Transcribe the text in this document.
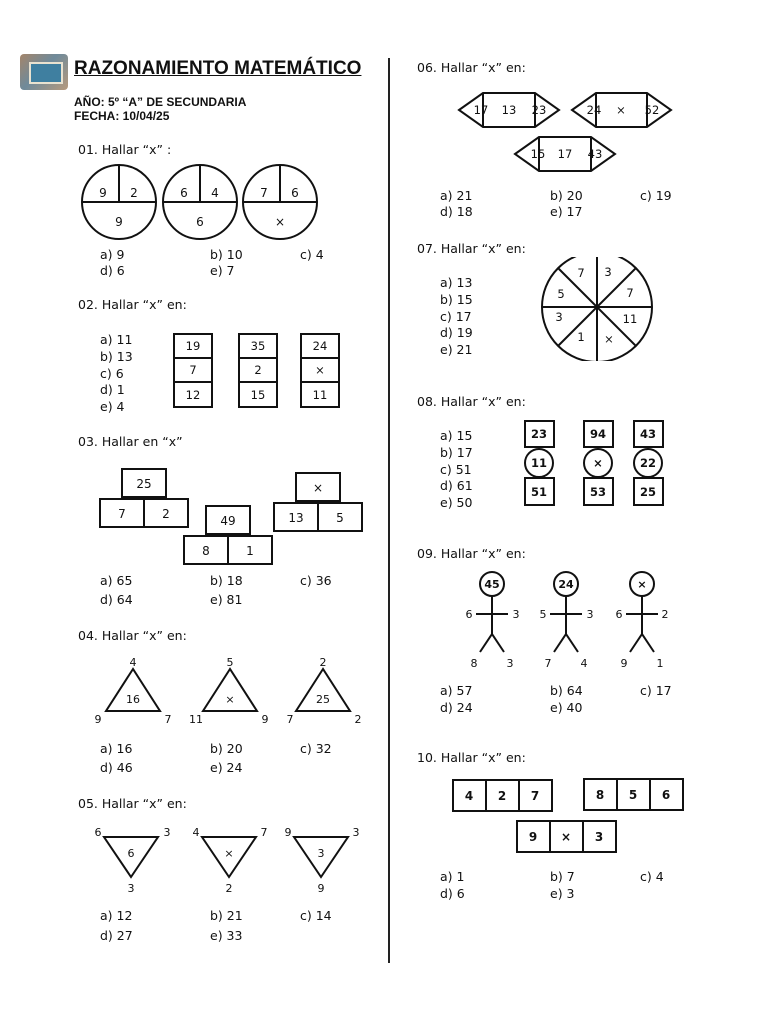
RAZONAMIENTO MATEMÁTICO
AÑO: 5º “A” DE SECUNDARIA
FECHA: 10/04/25
01. Hallar “x” :
9 2
9
6 4
6
7 6
×
a) 9	b) 10	c) 4
d) 6	e) 7
02. Hallar “x” en:
a) 11
b) 13
c) 6
d) 1
e) 4
19
7
12
35
2
15
24
×
11
03. Hallar en “x”
25
7	2	49
8	1
×
13	5
a) 65	b) 18	c) 36
d) 64	e) 81
04. Hallar “x” en:
4
9	7
16
5
11	9
×
2
7	2
25
a) 16	b) 20	c) 32
d) 46	e) 24
05. Hallar “x” en:
6	3
3
6
4	7
2
×
9	3
9
3
a) 12	b) 21	c) 14
d) 27	e) 33
06. Hallar “x” en:
17 13 23	24 × 52
15 17 43
a) 21	b) 20	c) 19
d) 18	e) 17
07. Hallar “x” en:
a) 13
b) 15
c) 17
d) 19
e) 21
3
7
11
×
1
3
5
7
08. Hallar “x” en:
a) 15
b) 17
c) 51
d) 61
e) 50
23
11
51
94
×
53
43
22
25
09. Hallar “x” en:
45
6	3
8	3
24
5	3
7	4
×
6	2
9	1
a) 57	b) 64	c) 17
d) 24	e) 40
10. Hallar “x” en:
4 2 7	8 5 6
9 × 3
a) 1	b) 7	c) 4
d) 6	e) 3
